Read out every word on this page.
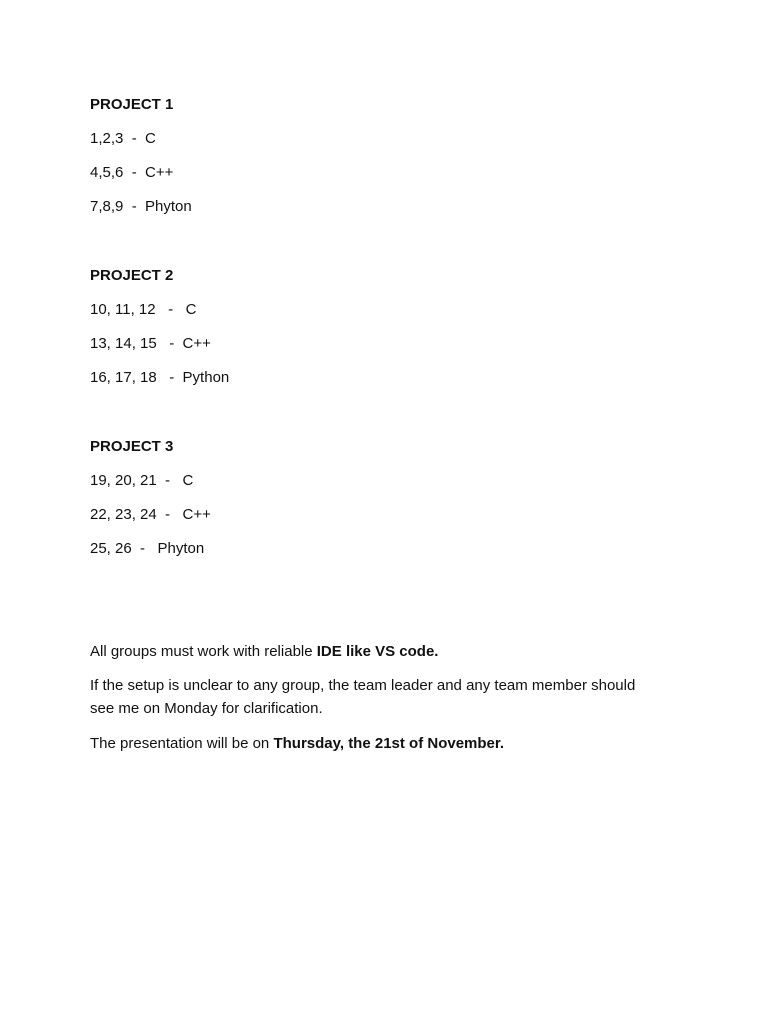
PROJECT 1
1,2,3  -  C
4,5,6  -  C++
7,8,9  -  Phyton
PROJECT 2
10, 11, 12   -   C
13, 14, 15   -  C++
16, 17, 18   -  Python
PROJECT 3
19, 20, 21  -   C
22, 23, 24  -   C++
25, 26  -   Phyton
All groups must work with reliable IDE like VS code.
If the setup is unclear to any group, the team leader and any team member should see me on Monday for clarification.
The presentation will be on Thursday, the 21st of November.
